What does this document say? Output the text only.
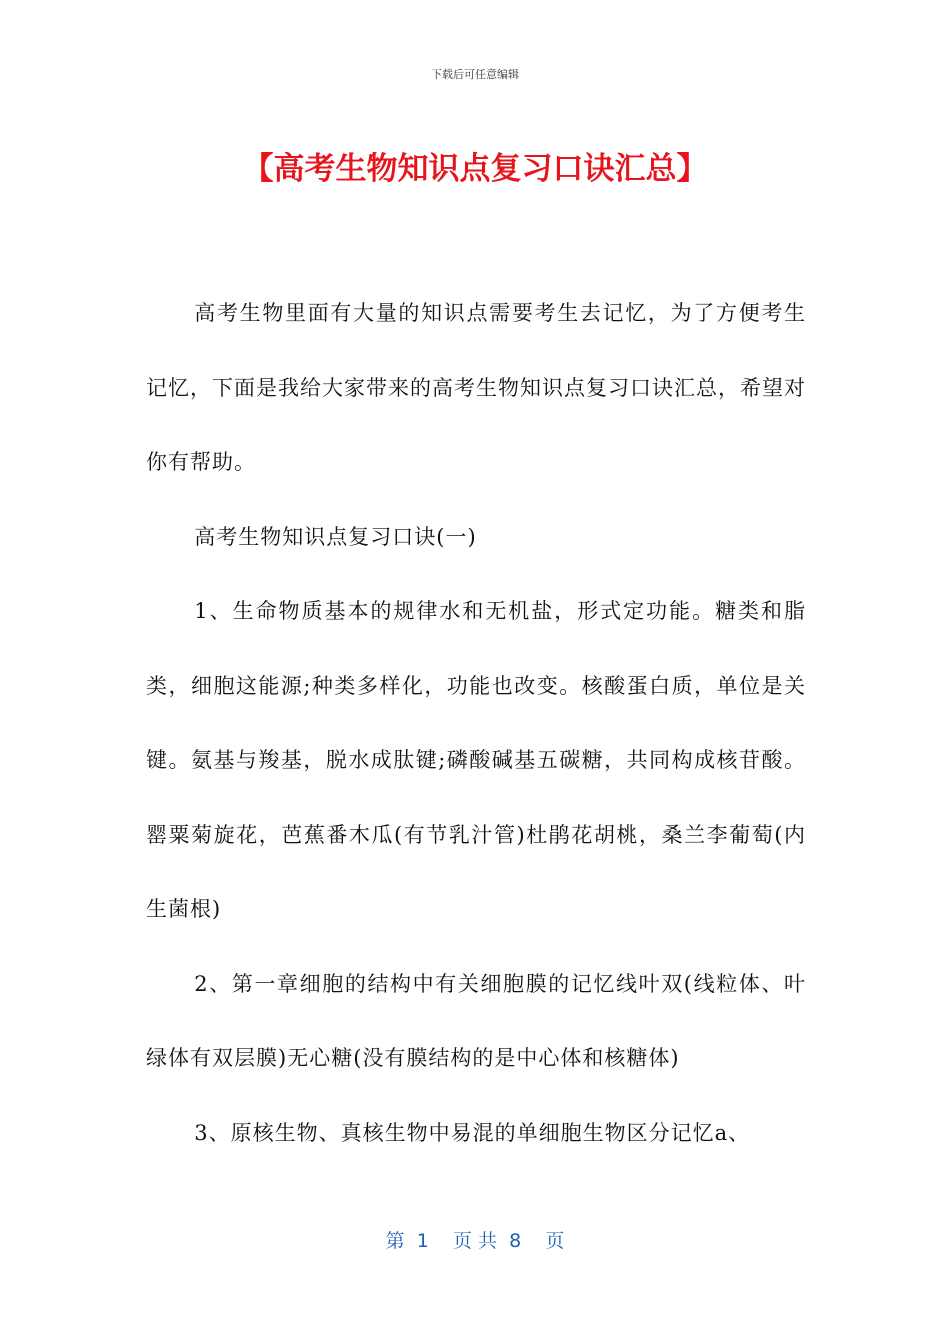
下载后可任意编辑
【高考生物知识点复习口诀汇总】

高考生物里面有大量的知识点需要考生去记忆，为了方便考生记忆，下面是我给大家带来的高考生物知识点复习口诀汇总，希望对你有帮助。

高考生物知识点复习口诀(一)

1、生命物质基本的规律水和无机盐，形式定功能。糖类和脂类，细胞这能源;种类多样化，功能也改变。核酸蛋白质，单位是关键。氨基与羧基，脱水成肽键;磷酸碱基五碳糖，共同构成核苷酸。罂粟菊旋花，芭蕉番木瓜(有节乳汁管)杜鹃花胡桃，桑兰李葡萄(内生菌根)

2、第一章细胞的结构中有关细胞膜的记忆线叶双(线粒体、叶绿体有双层膜)无心糖(没有膜结构的是中心体和核糖体)

3、原核生物、真核生物中易混的单细胞生物区分记忆a、

第  1    页 共  8    页
